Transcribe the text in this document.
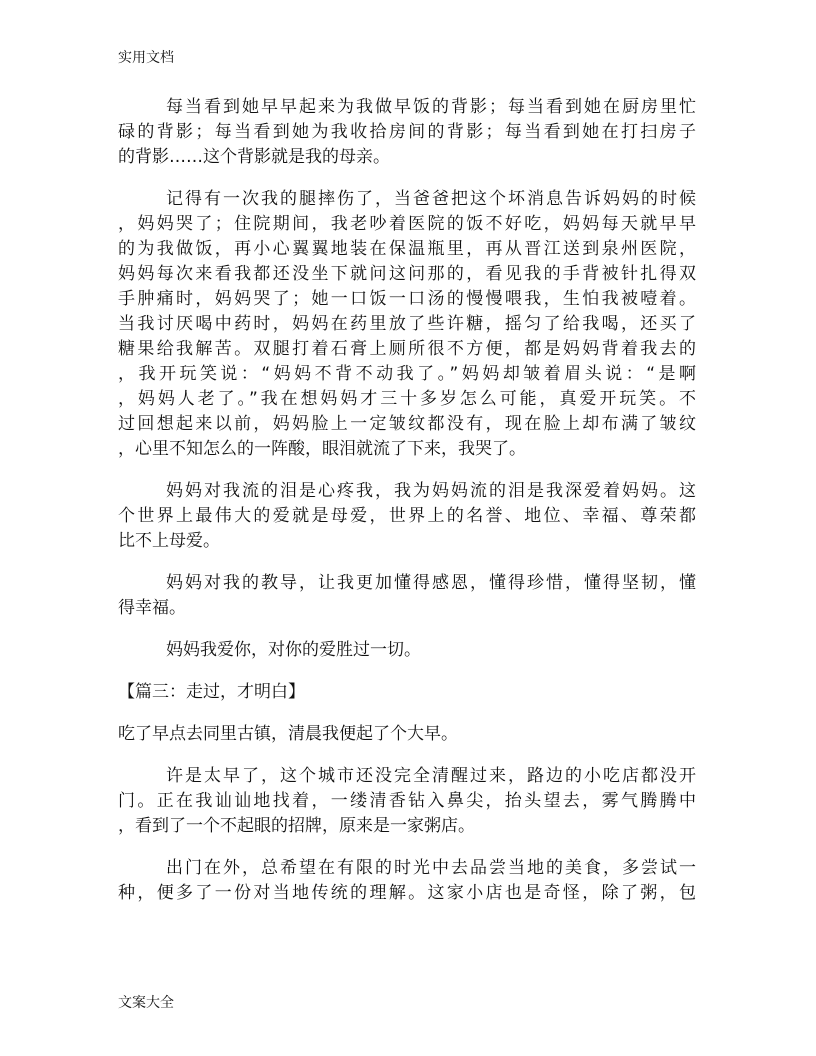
实用文档
每当看到她早早起来为我做早饭的背影；每当看到她在厨房里忙
碌的背影；每当看到她为我收拾房间的背影；每当看到她在打扫房子
的背影……这个背影就是我的母亲。
记得有一次我的腿摔伤了，当爸爸把这个坏消息告诉妈妈的时候
，妈妈哭了；住院期间，我老吵着医院的饭不好吃，妈妈每天就早早
的为我做饭，再小心翼翼地装在保温瓶里，再从晋江送到泉州医院，
妈妈每次来看我都还没坐下就问这问那的，看见我的手背被针扎得双
手肿痛时，妈妈哭了；她一口饭一口汤的慢慢喂我，生怕我被噎着。
当我讨厌喝中药时，妈妈在药里放了些许糖，摇匀了给我喝，还买了
糖果给我解苦。双腿打着石膏上厕所很不方便，都是妈妈背着我去的
，我开玩笑说：“妈妈不背不动我了。”妈妈却皱着眉头说：“是啊
，妈妈人老了。”我在想妈妈才三十多岁怎么可能，真爱开玩笑。不
过回想起来以前，妈妈脸上一定皱纹都没有，现在脸上却布满了皱纹
，心里不知怎么的一阵酸，眼泪就流了下来，我哭了。
妈妈对我流的泪是心疼我，我为妈妈流的泪是我深爱着妈妈。这
个世界上最伟大的爱就是母爱，世界上的名誉、地位、幸福、尊荣都
比不上母爱。
妈妈对我的教导，让我更加懂得感恩，懂得珍惜，懂得坚韧，懂
得幸福。
妈妈我爱你，对你的爱胜过一切。
【篇三：走过，才明白】
吃了早点去同里古镇，清晨我便起了个大早。
许是太早了，这个城市还没完全清醒过来，路边的小吃店都没开
门。正在我讪讪地找着，一缕清香钻入鼻尖，抬头望去，雾气腾腾中
，看到了一个不起眼的招牌，原来是一家粥店。
出门在外，总希望在有限的时光中去品尝当地的美食，多尝试一
种，便多了一份对当地传统的理解。这家小店也是奇怪，除了粥，包
文案大全
